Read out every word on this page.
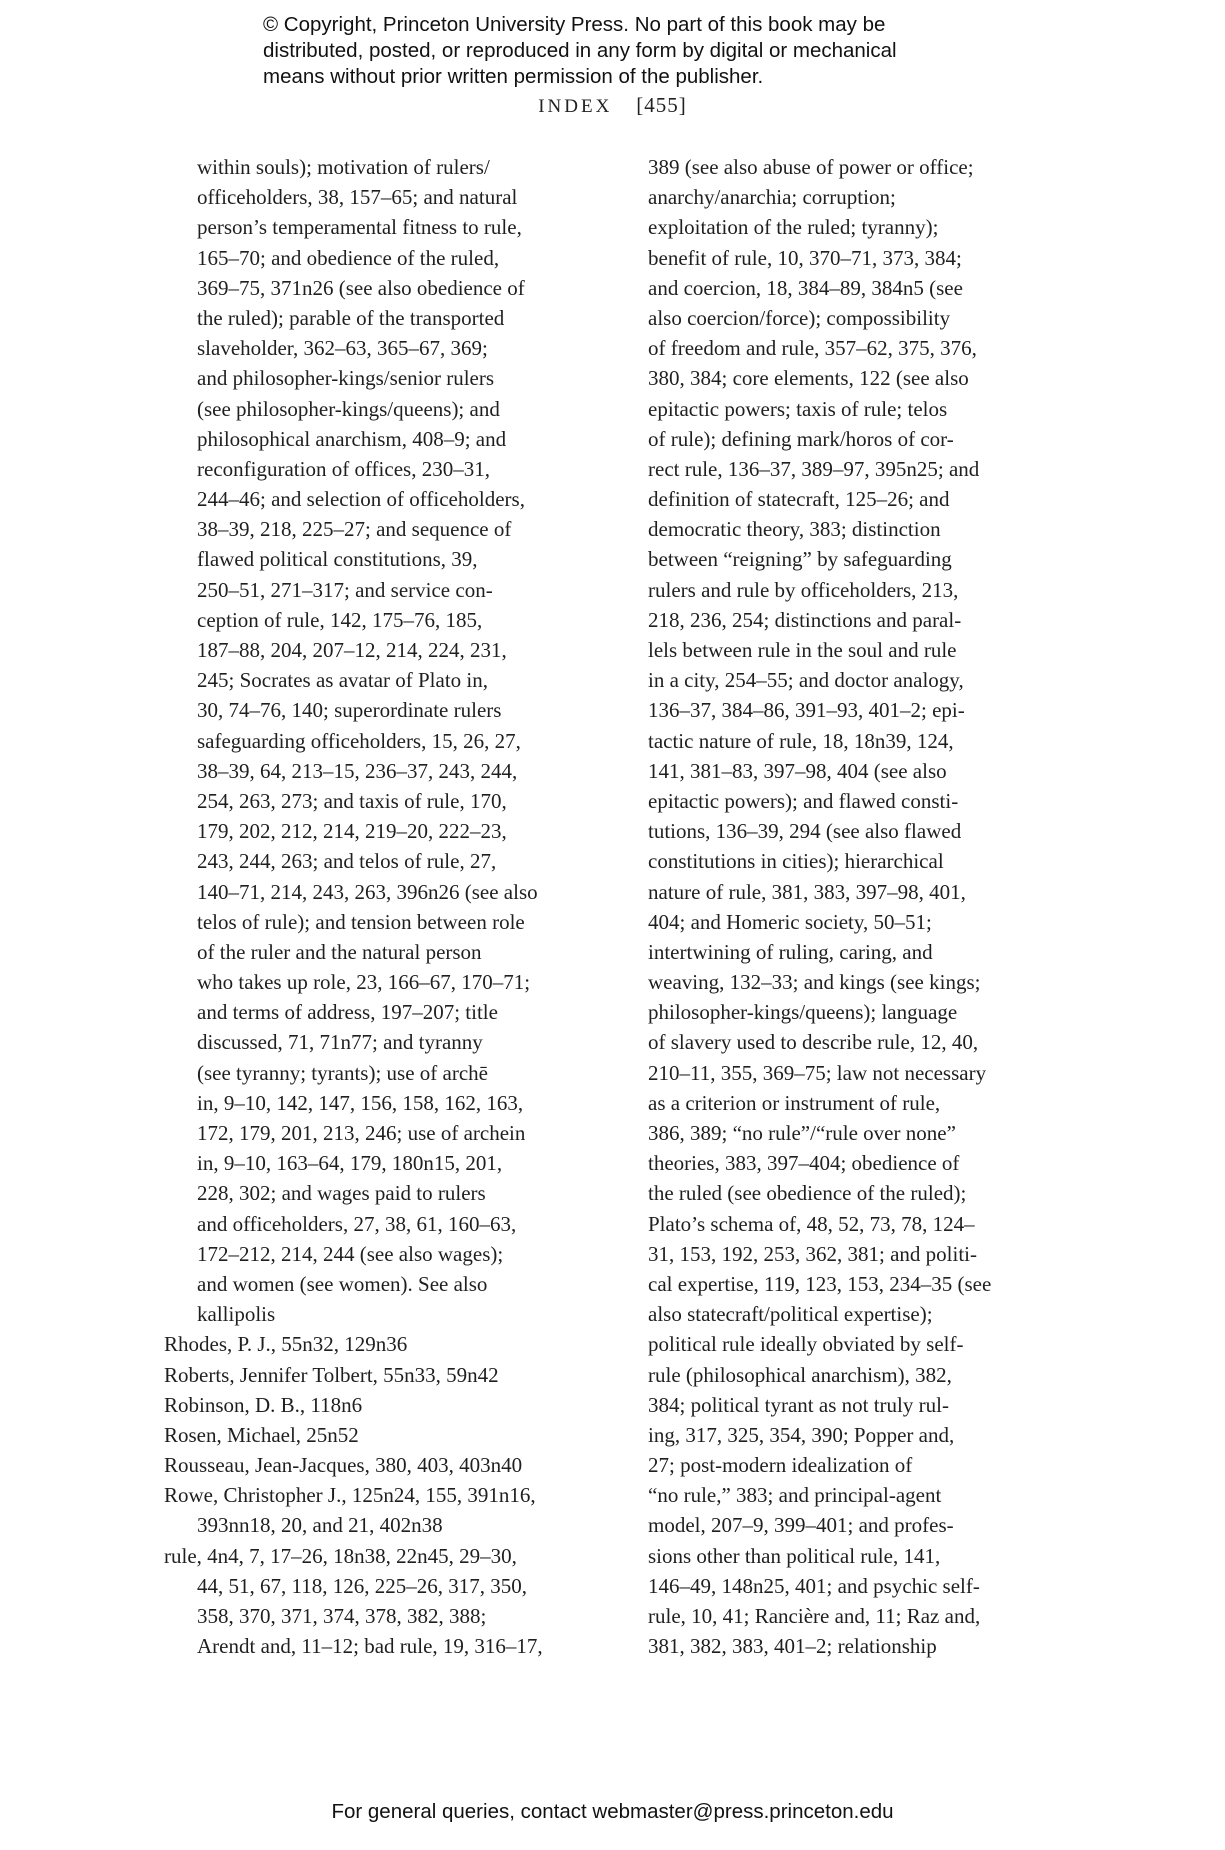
© Copyright, Princeton University Press. No part of this book may be
distributed, posted, or reproduced in any form by digital or mechanical
means without prior written permission of the publisher.
INDEX [455]
within souls); motivation of rulers/
officeholders, 38, 157–65; and natural
person’s temperamental fitness to rule,
165–70; and obedience of the ruled,
369–75, 371n26 (see also obedience of
the ruled); parable of the transported
slaveholder, 362–63, 365–67, 369;
and philosopher-kings/senior rulers
(see philosopher-kings/queens); and
philosophical anarchism, 408–9; and
reconfiguration of offices, 230–31,
244–46; and selection of officeholders,
38–39, 218, 225–27; and sequence of
flawed political constitutions, 39,
250–51, 271–317; and service con-
ception of rule, 142, 175–76, 185,
187–88, 204, 207–12, 214, 224, 231,
245; Socrates as avatar of Plato in,
30, 74–76, 140; superordinate rulers
safeguarding officeholders, 15, 26, 27,
38–39, 64, 213–15, 236–37, 243, 244,
254, 263, 273; and taxis of rule, 170,
179, 202, 212, 214, 219–20, 222–23,
243, 244, 263; and telos of rule, 27,
140–71, 214, 243, 263, 396n26 (see also
telos of rule); and tension between role
of the ruler and the natural person
who takes up role, 23, 166–67, 170–71;
and terms of address, 197–207; title
discussed, 71, 71n77; and tyranny
(see tyranny; tyrants); use of archē
in, 9–10, 142, 147, 156, 158, 162, 163,
172, 179, 201, 213, 246; use of archein
in, 9–10, 163–64, 179, 180n15, 201,
228, 302; and wages paid to rulers
and officeholders, 27, 38, 61, 160–63,
172–212, 214, 244 (see also wages);
and women (see women). See also
kallipolis
Rhodes, P. J., 55n32, 129n36
Roberts, Jennifer Tolbert, 55n33, 59n42
Robinson, D. B., 118n6
Rosen, Michael, 25n52
Rousseau, Jean-Jacques, 380, 403, 403n40
Rowe, Christopher J., 125n24, 155, 391n16,
393nn18, 20, and 21, 402n38
rule, 4n4, 7, 17–26, 18n38, 22n45, 29–30,
44, 51, 67, 118, 126, 225–26, 317, 350,
358, 370, 371, 374, 378, 382, 388;
Arendt and, 11–12; bad rule, 19, 316–17,
389 (see also abuse of power or office;
anarchy/anarchia; corruption;
exploitation of the ruled; tyranny);
benefit of rule, 10, 370–71, 373, 384;
and coercion, 18, 384–89, 384n5 (see
also coercion/force); compossibility
of freedom and rule, 357–62, 375, 376,
380, 384; core elements, 122 (see also
epitactic powers; taxis of rule; telos
of rule); defining mark/horos of cor-
rect rule, 136–37, 389–97, 395n25; and
definition of statecraft, 125–26; and
democratic theory, 383; distinction
between “reigning” by safeguarding
rulers and rule by officeholders, 213,
218, 236, 254; distinctions and paral-
lels between rule in the soul and rule
in a city, 254–55; and doctor analogy,
136–37, 384–86, 391–93, 401–2; epi-
tactic nature of rule, 18, 18n39, 124,
141, 381–83, 397–98, 404 (see also
epitactic powers); and flawed consti-
tutions, 136–39, 294 (see also flawed
constitutions in cities); hierarchical
nature of rule, 381, 383, 397–98, 401,
404; and Homeric society, 50–51;
intertwining of ruling, caring, and
weaving, 132–33; and kings (see kings;
philosopher-kings/queens); language
of slavery used to describe rule, 12, 40,
210–11, 355, 369–75; law not necessary
as a criterion or instrument of rule,
386, 389; “no rule”/“rule over none”
theories, 383, 397–404; obedience of
the ruled (see obedience of the ruled);
Plato’s schema of, 48, 52, 73, 78, 124–
31, 153, 192, 253, 362, 381; and politi-
cal expertise, 119, 123, 153, 234–35 (see
also statecraft/political expertise);
political rule ideally obviated by self-
rule (philosophical anarchism), 382,
384; political tyrant as not truly rul-
ing, 317, 325, 354, 390; Popper and,
27; post-modern idealization of
“no rule,” 383; and principal-agent
model, 207–9, 399–401; and profes-
sions other than political rule, 141,
146–49, 148n25, 401; and psychic self-
rule, 10, 41; Rancière and, 11; Raz and,
381, 382, 383, 401–2; relationship
For general queries, contact webmaster@press.princeton.edu
